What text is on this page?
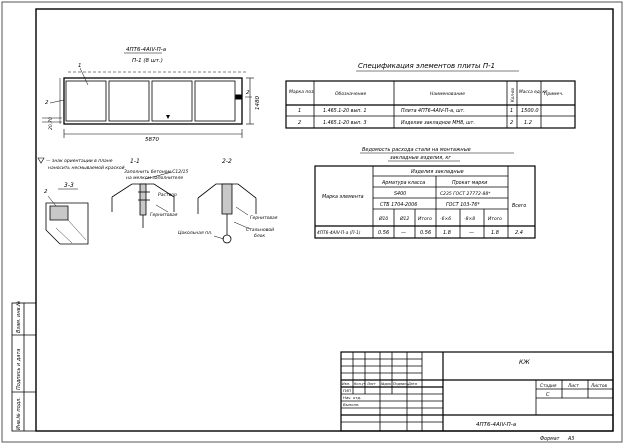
Инв.№ подл.
Подпись и дата
Взам. инв.№
4ПТ6-4АIV-П-а
П-1 (8 шт.)
1
2
2
5870
1480
20,70
— знак ориентации в плане
наносить несмываемой краской
1-1
Заполнить бетоном С12/15
на мелком заполнителе
Раствор
Гернитовая
2-2
Гернитовая
Стальновой
блок
Цокольная пл.
3-3
2
Спецификация элементов плиты П-1
Марка поз.	Обозначение	Наименование	Кол-во Масса ед. кг
Примеч.
1	1.465.1-20 вып. 1	Плита 4ПТ6-4АIV-П-а, шт.	1 1500.0
2	1.465.1-20 вып. 3	Изделие закладное МН8, шт.	2 1.2
Ведомость расхода стали на монтажные
закладные изделия, кг
Марка элемента
Изделия закладные
Арматура класса	Прокат марки
S400	С235 ГОСТ 27772-88*
СТБ 1704-2006	ГОСТ 103-76*	Всего
Ø10	Ø12 Итого -6×6	-8×8	Итого
4ПТ6-4АIV-П-а (П-1)	0.56 —	0.56 1.8	—	1.8	2.4
КЖ
Изм. Кол.уч Лист	№док Подпись Дата
ГИП
Нач. отд.
Выполн.
Стадия	Лист	Листов
С
4ПТ6-4АIV-П-а
Формат А3
